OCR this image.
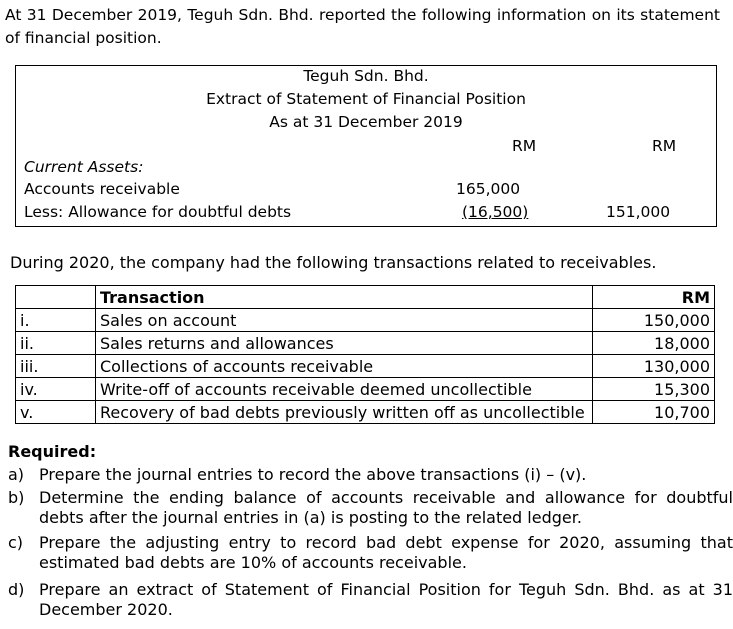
At 31 December 2019, Teguh Sdn. Bhd. reported the following information on its statement of financial position.
Teguh Sdn. Bhd.
Extract of Statement of Financial Position
As at 31 December 2019
RM	RM
Current Assets:
Accounts receivable	165,000
Less: Allowance for doubtful debts	(16,500)	151,000
During 2020, the company had the following transactions related to receivables.
	Transaction	RM
i.	Sales on account	150,000
ii.	Sales returns and allowances	18,000
iii.	Collections of accounts receivable	130,000
iv.	Write-off of accounts receivable deemed uncollectible	15,300
v.	Recovery of bad debts previously written off as uncollectible	10,700
Required:
a) Prepare the journal entries to record the above transactions (i) – (v).
b) Determine the ending balance of accounts receivable and allowance for doubtful debts after the journal entries in (a) is posting to the related ledger.
c) Prepare the adjusting entry to record bad debt expense for 2020, assuming that estimated bad debts are 10% of accounts receivable.
d) Prepare an extract of Statement of Financial Position for Teguh Sdn. Bhd. as at 31 December 2020.
